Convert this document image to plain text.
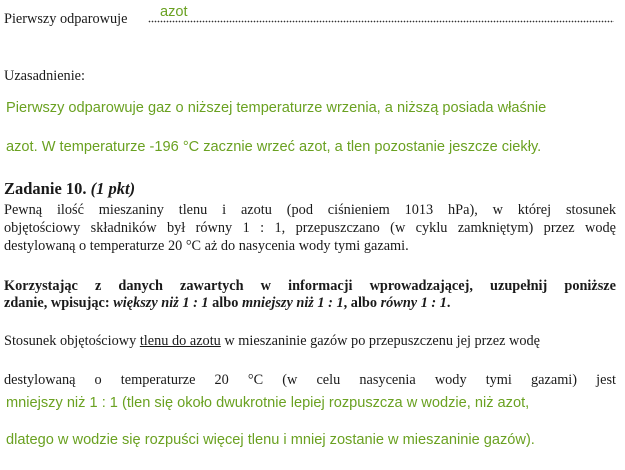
Pierwszy odparowuje azot
Uzasadnienie:
Pierwszy odparowuje gaz o niższej temperaturze wrzenia, a niższą posiada właśnie
azot. W temperaturze -196 °C zacznie wrzeć azot, a tlen pozostanie jeszcze ciekły.
Zadanie 10. (1 pkt)
Pewną ilość mieszaniny tlenu i azotu (pod ciśnieniem 1013 hPa), w której stosunek
objętościowy składników był równy 1 : 1, przepuszczano (w cyklu zamkniętym) przez wodę
destylowaną o temperaturze 20 °C aż do nasycenia wody tymi gazami.
Korzystając z danych zawartych w informacji wprowadzającej, uzupełnij poniższe
zdanie, wpisując: większy niż 1 : 1 albo mniejszy niż 1 : 1, albo równy 1 : 1.
Stosunek objętościowy tlenu do azotu w mieszaninie gazów po przepuszczenu jej przez wodę
destylowaną o temperaturze 20 °C (w celu nasycenia wody tymi gazami) jest
mniejszy niż 1 : 1 (tlen się około dwukrotnie lepiej rozpuszcza w wodzie, niż azot,
dlatego w wodzie się rozpuści więcej tlenu i mniej zostanie w mieszaninie gazów).
